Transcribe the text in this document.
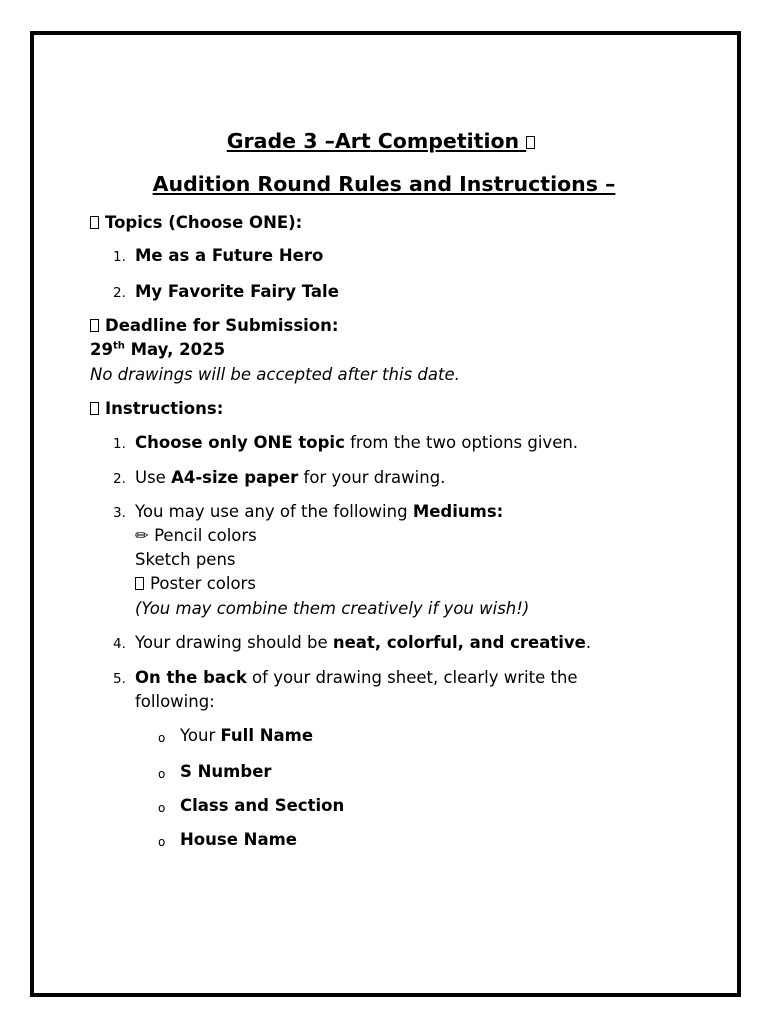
Grade 3 –Art Competition
Audition Round Rules and Instructions –
Topics (Choose ONE):
1. Me as a Future Hero
2. My Favorite Fairy Tale
Deadline for Submission:
29th May, 2025
No drawings will be accepted after this date.
Instructions:
1. Choose only ONE topic from the two options given.
2. Use A4-size paper for your drawing.
3. You may use any of the following Mediums:
✏ Pencil colors
Sketch pens
Poster colors
(You may combine them creatively if you wish!)
4. Your drawing should be neat, colorful, and creative.
5. On the back of your drawing sheet, clearly write the
following:
o Your Full Name
o S Number
o Class and Section
o House Name
